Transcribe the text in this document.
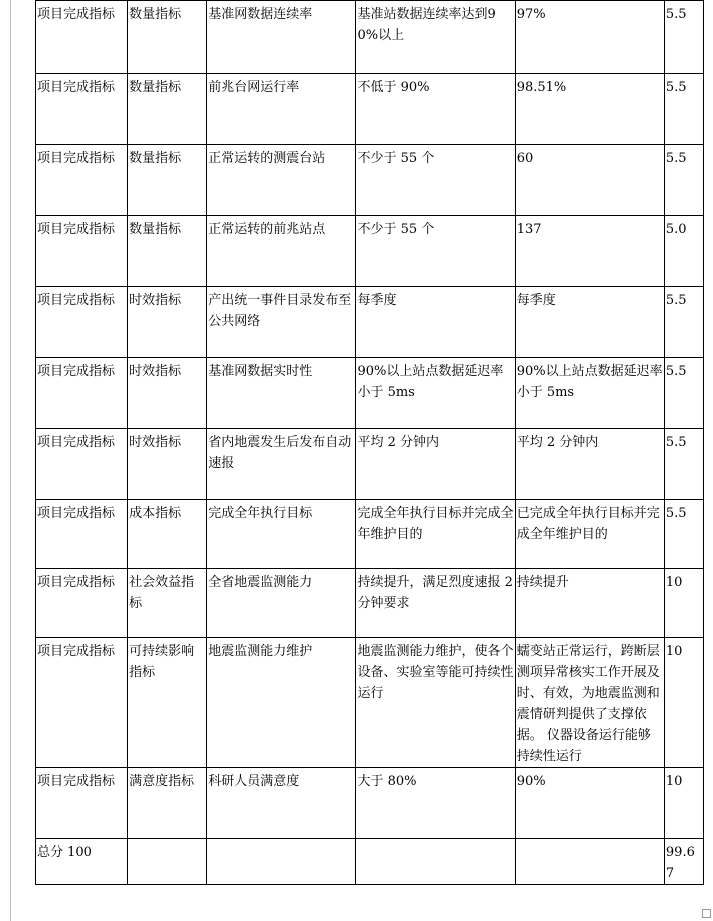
项目完成指标	数量指标	基准网数据连续率	基准站数据连续率达到90%以上	97%	5.5
项目完成指标	数量指标	前兆台网运行率	不低于 90%	98.51%	5.5
项目完成指标	数量指标	正常运转的测震台站	不少于 55 个	60	5.5
项目完成指标	数量指标	正常运转的前兆站点	不少于 55 个	137	5.0
项目完成指标	时效指标	产出统一事件目录发布至公共网络	每季度	每季度	5.5
项目完成指标	时效指标	基准网数据实时性	90%以上站点数据延迟率小于 5ms	90%以上站点数据延迟率小于 5ms	5.5
项目完成指标	时效指标	省内地震发生后发布自动速报	平均 2 分钟内	平均 2 分钟内	5.5
项目完成指标	成本指标	完成全年执行目标	完成全年执行目标并完成全年维护目的	已完成全年执行目标并完成全年维护目的	5.5
项目完成指标	社会效益指标	全省地震监测能力	持续提升，满足烈度速报 2分钟要求	持续提升	10
项目完成指标	可持续影响指标	地震监测能力维护	地震监测能力维护，使各个设备、实验室等能可持续性运行	蠕变站正常运行，跨断层测项异常核实工作开展及时、有效，为地震监测和震情研判提供了支撑依据。 仪器设备运行能够持续性运行	10
项目完成指标	满意度指标	科研人员满意度	大于 80%	90%	10
总分 100					99.67
